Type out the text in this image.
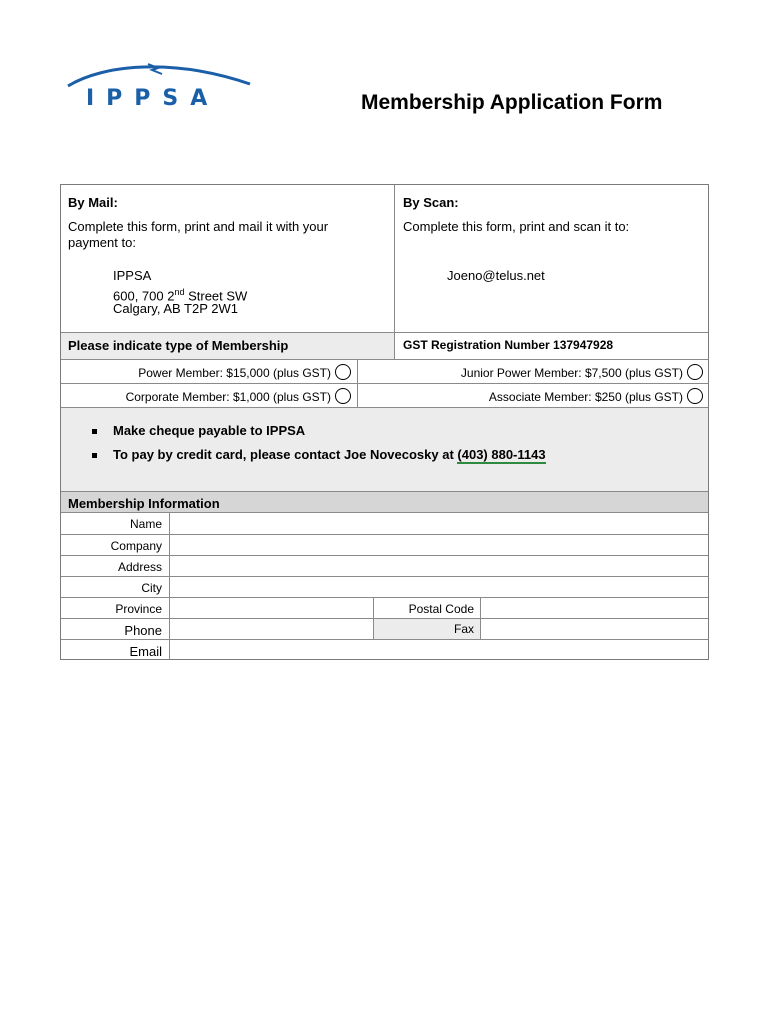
IPPSA	Membership Application Form
By Mail:
Complete this form, print and mail it with your payment to:
IPPSA
600, 700 2nd Street SW
Calgary, AB T2P 2W1
By Scan:
Complete this form, print and scan it to:
Joeno@telus.net
Please indicate type of Membership	GST Registration Number 137947928
Power Member: $15,000 (plus GST)	Junior Power Member: $7,500 (plus GST)
Corporate Member: $1,000 (plus GST)	Associate Member: $250 (plus GST)
Make cheque payable to IPPSA
To pay by credit card, please contact Joe Novecosky at (403) 880-1143
Membership Information
Name
Company
Address
City
Province	Postal Code
Phone	Fax
Email
